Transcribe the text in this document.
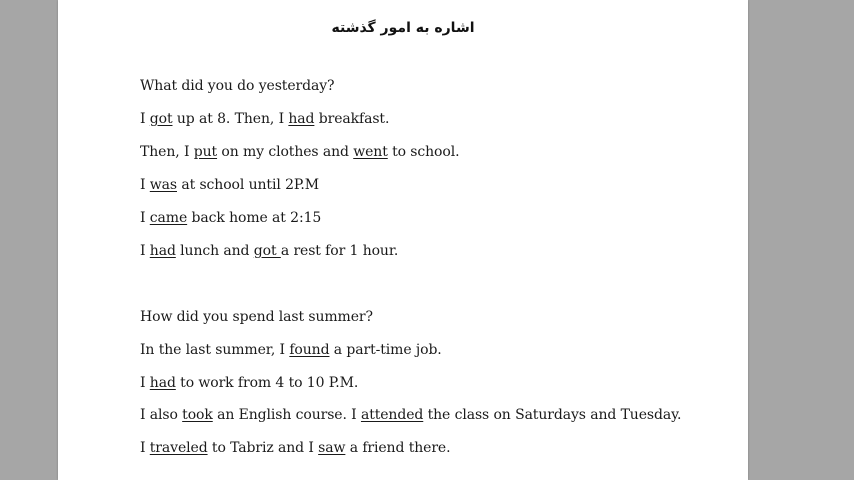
اشاره به امور گذشته
What did you do yesterday?
I got up at 8. Then, I had breakfast.
Then, I put on my clothes and went to school.
I was at school until 2P.M
I came back home at 2:15
I had lunch and got a rest for 1 hour.
How did you spend last summer?
In the last summer, I found a part-time job.
I had to work from 4 to 10 P.M.
I also took an English course. I attended the class on Saturdays and Tuesday.
I traveled to Tabriz and I saw a friend there.
